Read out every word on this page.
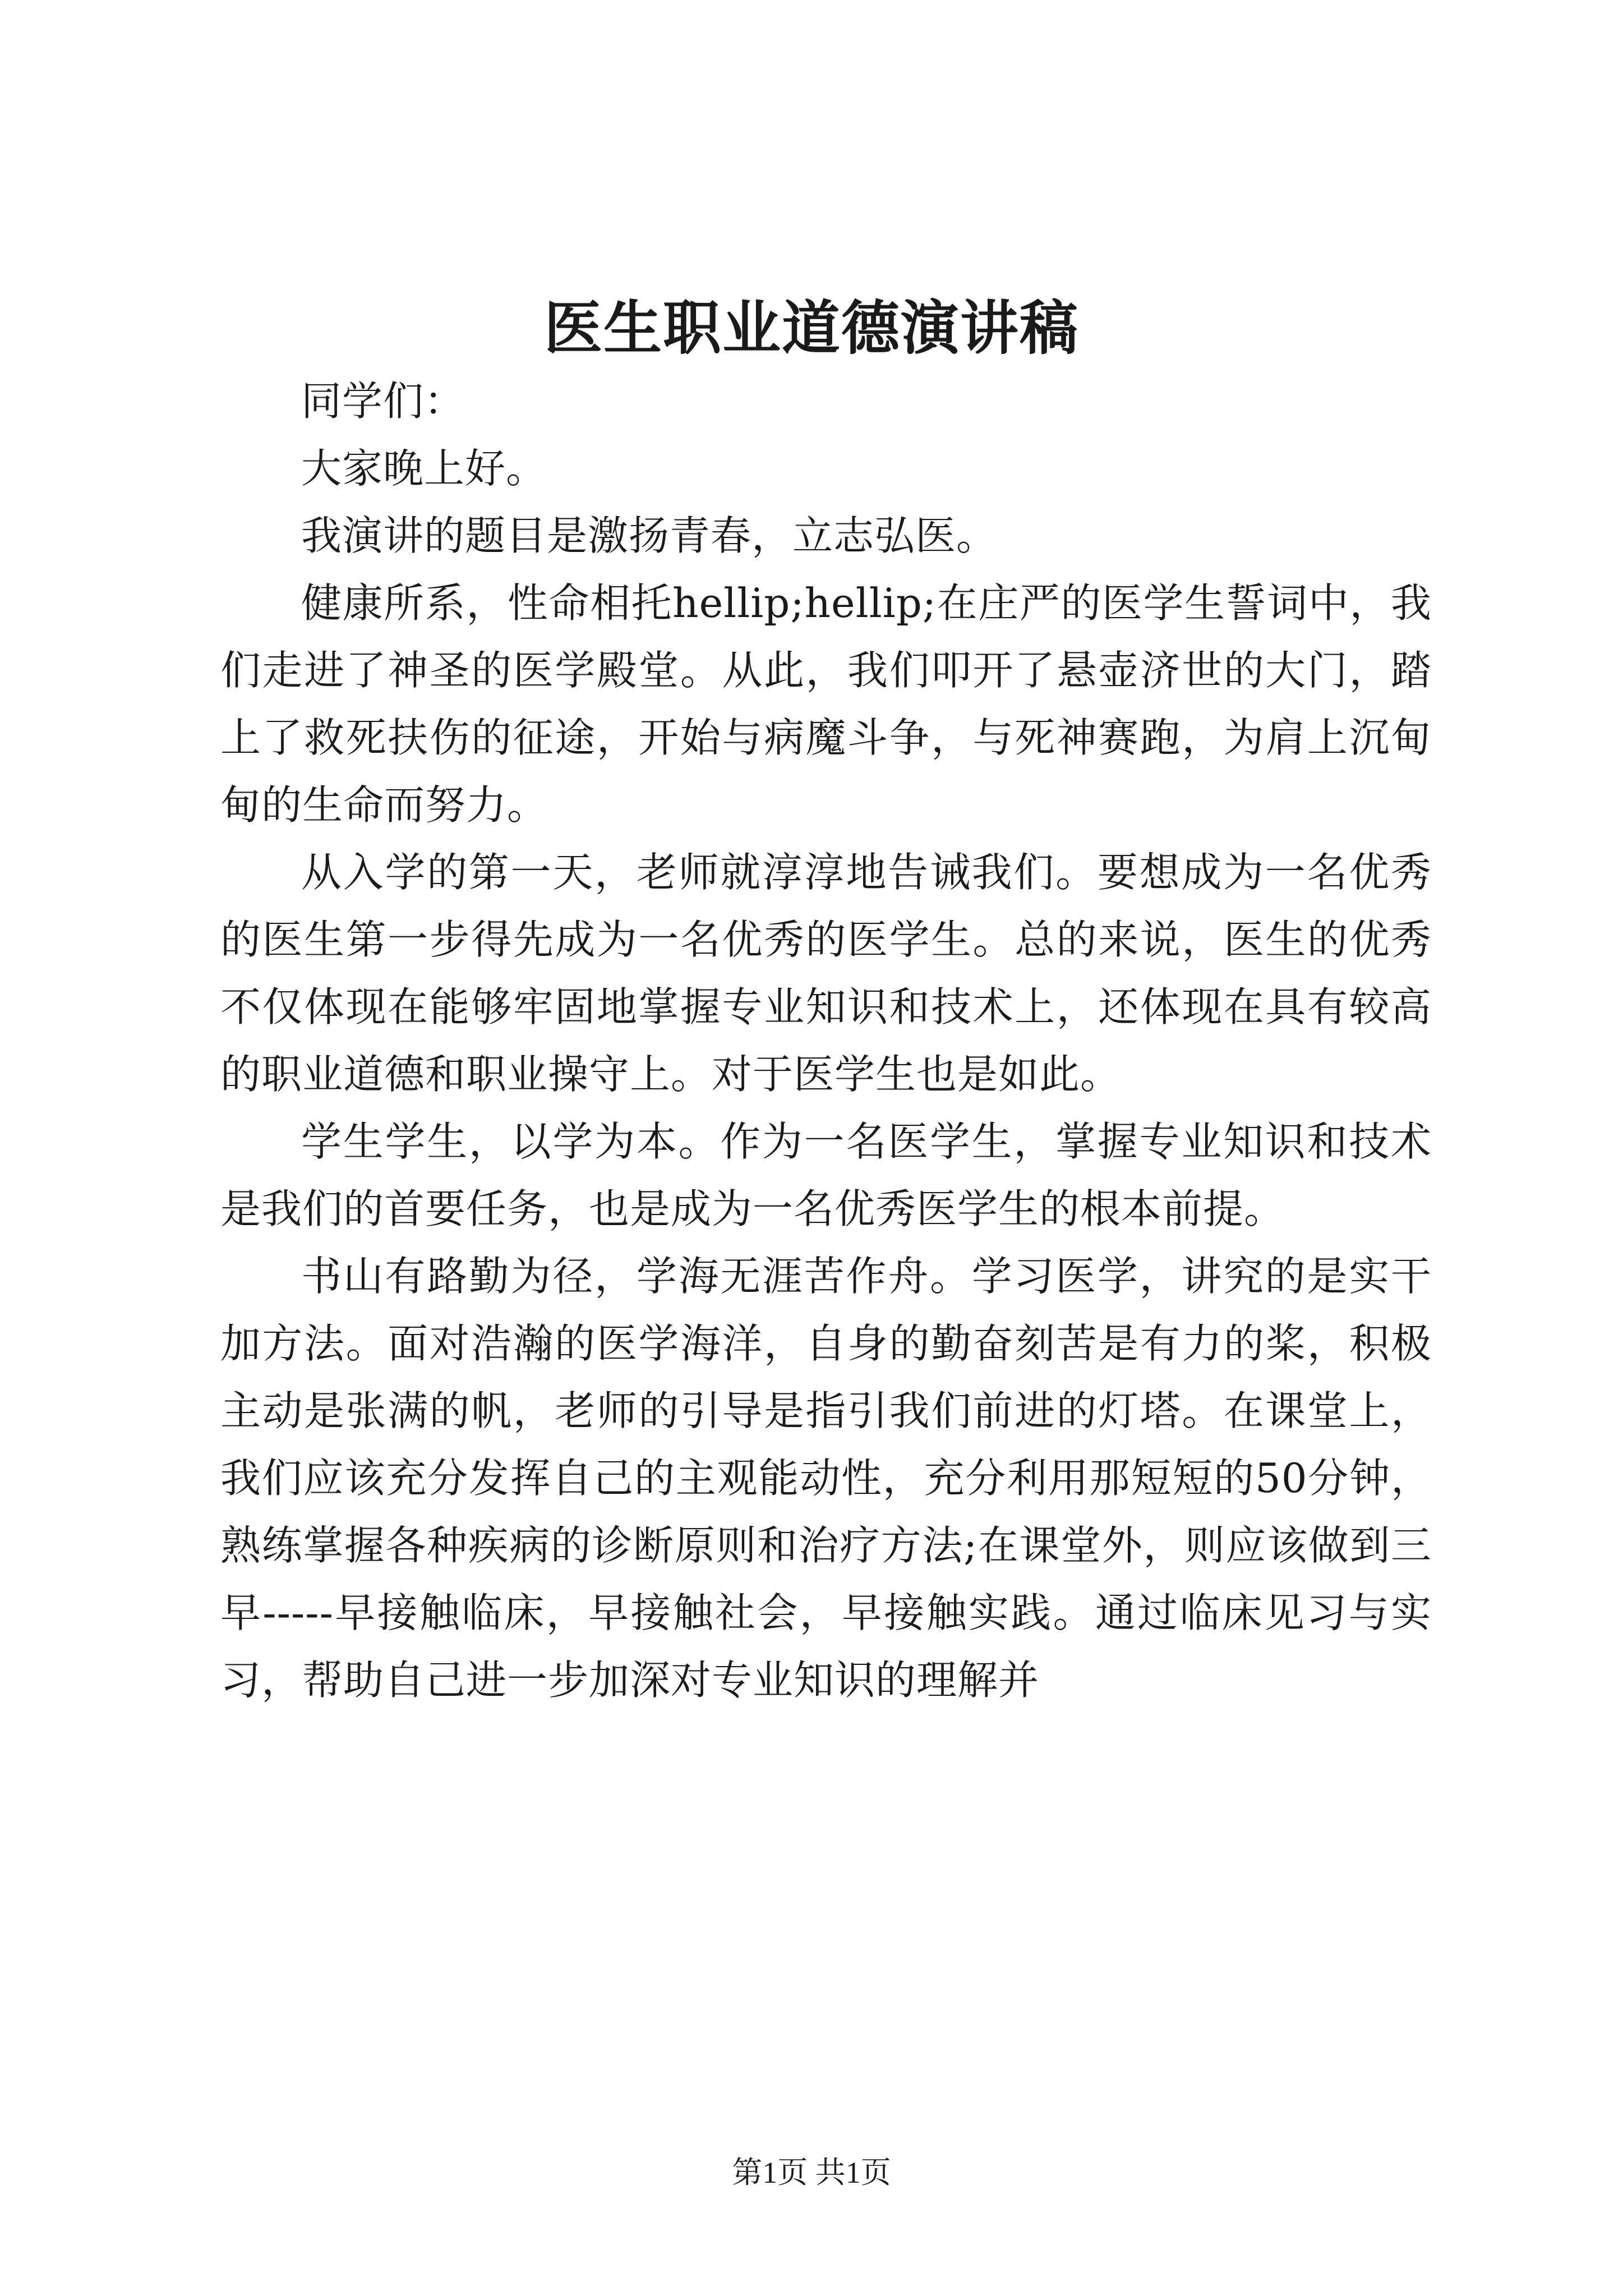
医生职业道德演讲稿

同学们：

大家晚上好。

我演讲的题目是激扬青春，立志弘医。

健康所系，性命相托hellip;hellip;在庄严的医学生誓词中，我们走进了神圣的医学殿堂。从此，我们叩开了悬壶济世的大门，踏上了救死扶伤的征途，开始与病魔斗争，与死神赛跑，为肩上沉甸甸的生命而努力。

从入学的第一天，老师就淳淳地告诫我们。要想成为一名优秀的医生第一步得先成为一名优秀的医学生。总的来说，医生的优秀不仅体现在能够牢固地掌握专业知识和技术上，还体现在具有较高的职业道德和职业操守上。对于医学生也是如此。

学生学生，以学为本。作为一名医学生，掌握专业知识和技术是我们的首要任务，也是成为一名优秀医学生的根本前提。

书山有路勤为径，学海无涯苦作舟。学习医学，讲究的是实干加方法。面对浩瀚的医学海洋，自身的勤奋刻苦是有力的桨，积极主动是张满的帆，老师的引导是指引我们前进的灯塔。在课堂上，我们应该充分发挥自己的主观能动性，充分利用那短短的50分钟，熟练掌握各种疾病的诊断原则和治疗方法;在课堂外，则应该做到三早-----早接触临床，早接触社会，早接触实践。通过临床见习与实习，帮助自己进一步加深对专业知识的理解并

第1页 共1页
